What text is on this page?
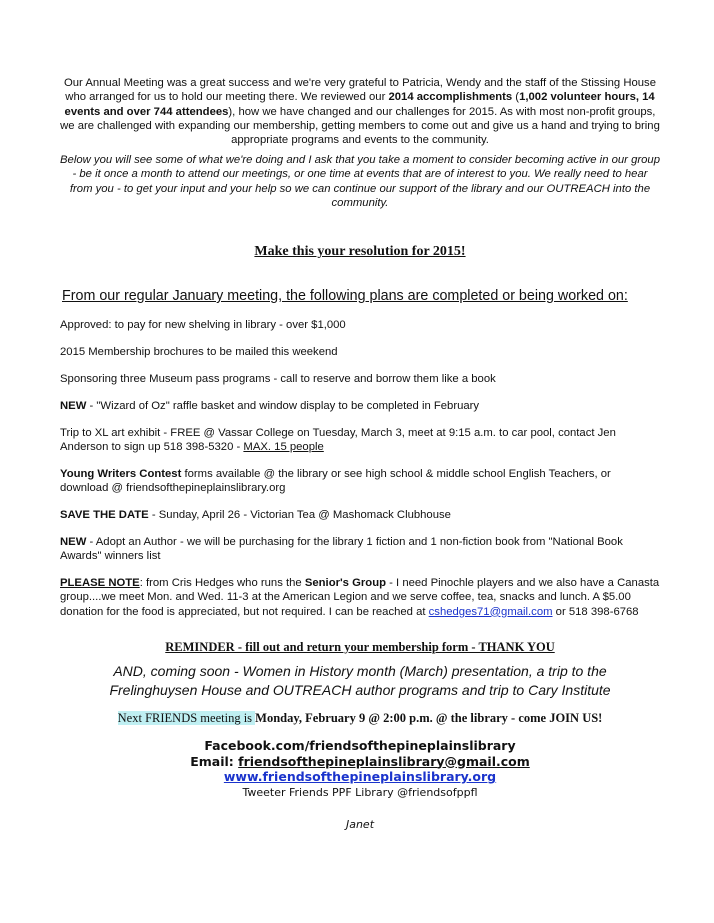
Our Annual Meeting was a great success and we're very grateful to Patricia, Wendy and the staff of the Stissing House who arranged for us to hold our meeting there. We reviewed our 2014 accomplishments (1,002 volunteer hours, 14 events and over 744 attendees), how we have changed and our challenges for 2015. As with most non-profit groups, we are challenged with expanding our membership, getting members to come out and give us a hand and trying to bring appropriate programs and events to the community.
Below you will see some of what we're doing and I ask that you take a moment to consider becoming active in our group - be it once a month to attend our meetings, or one time at events that are of interest to you. We really need to hear from you - to get your input and your help so we can continue our support of the library and our OUTREACH into the community.
Make this your resolution for 2015!
From our regular January meeting, the following plans are completed or being worked on:
Approved: to pay for new shelving in library - over $1,000
2015 Membership brochures to be mailed this weekend
Sponsoring three Museum pass programs - call to reserve and borrow them like a book
NEW - "Wizard of Oz" raffle basket and window display to be completed in February
Trip to XL art exhibit - FREE @ Vassar College on Tuesday, March 3, meet at 9:15 a.m. to car pool, contact Jen Anderson to sign up 518 398-5320 - MAX. 15 people
Young Writers Contest forms available @ the library or see high school & middle school English Teachers, or download @ friendsofthepineplainslibrary.org
SAVE THE DATE - Sunday, April 26 - Victorian Tea @ Mashomack Clubhouse
NEW - Adopt an Author - we will be purchasing for the library 1 fiction and 1 non-fiction book from "National Book Awards" winners list
PLEASE NOTE: from Cris Hedges who runs the Senior's Group - I need Pinochle players and we also have a Canasta group....we meet Mon. and Wed. 11-3 at the American Legion and we serve coffee, tea, snacks and lunch. A $5.00 donation for the food is appreciated, but not required. I can be reached at cshedges71@gmail.com or 518 398-6768
REMINDER - fill out and return your membership form - THANK YOU
AND, coming soon - Women in History month (March) presentation, a trip to the Frelinghuysen House and OUTREACH author programs and trip to Cary Institute
Next FRIENDS meeting is Monday, February 9 @ 2:00 p.m. @ the library - come JOIN US!
Facebook.com/friendsofthepineplainslibrary
Email: friendsofthepineplainslibrary@gmail.com
www.friendsofthepineplainslibrary.org
Tweeter Friends PPF Library @friendsofppfl
Janet
